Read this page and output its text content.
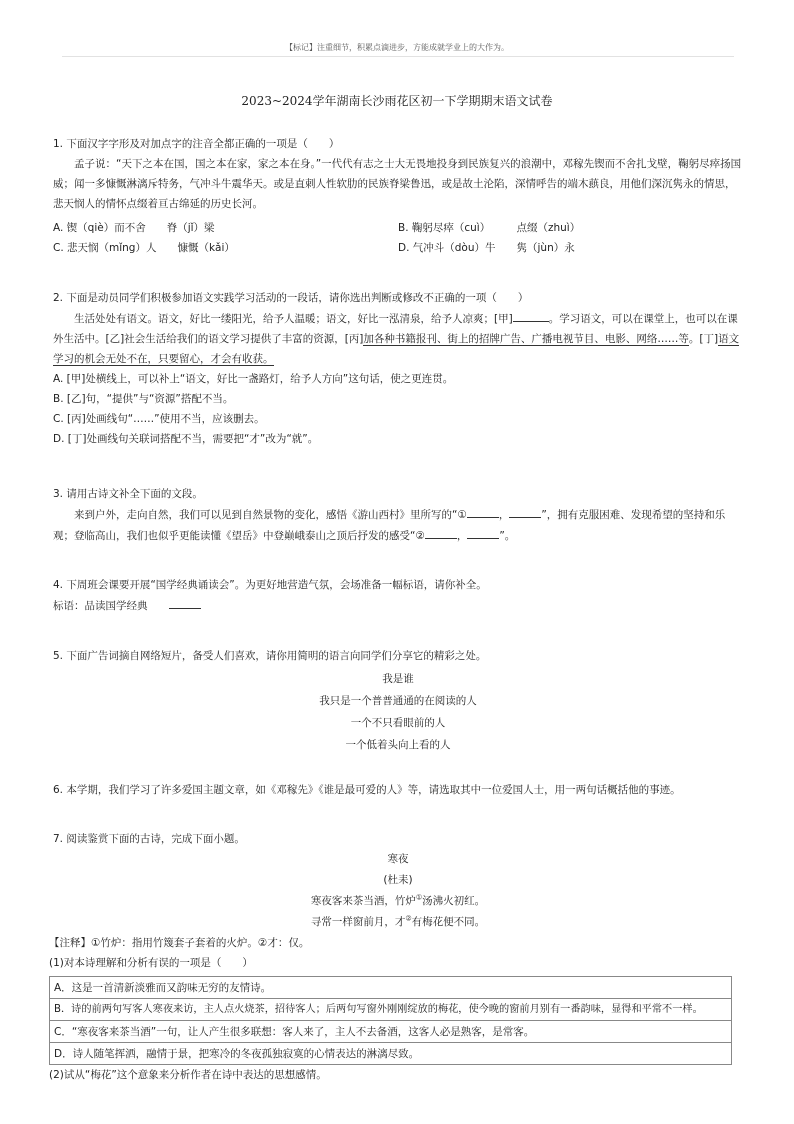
【标记】注重细节，积累点滴进步，方能成就学业上的大作为。
2023~2024学年湖南长沙雨花区初一下学期期末语文试卷

1. 下面汉字字形及对加点字的注音全都正确的一项是（　　）

孟子说：“天下之本在国，国之本在家，家之本在身。”一代代有志之士大无畏地投身到民族复兴的浪潮中，邓稼先锲而不舍扎戈壁，鞠躬尽瘁扬国威；闻一多慷慨淋漓斥特务，气冲斗牛震华天。或是直刺人性软肋的民族脊梁鲁迅，或是故土沦陷，深情呼告的端木蕻良，用他们深沉隽永的情思，悲天悯人的情怀点缀着亘古绵延的历史长河。

A. 锲（qiè）而不舍　　脊（jǐ）梁	B. 鞠躬尽瘁（cuì）　　　点缀（zhuì）
C. 悲天悯（mǐng）人　　慷慨（kǎi）	D. 气冲斗（dòu）牛　　隽（jùn）永

2. 下面是动员同学们积极参加语文实践学习活动的一段话，请你选出判断或修改不正确的一项（　　）

生活处处有语文。语文，好比一缕阳光，给予人温暖；语文，好比一泓清泉，给予人凉爽；[甲]	。学习语文，可以在课堂上，也可以在课外生活中。[乙]社会生活给我们的语文学习提供了丰富的资源，[丙]加各种书籍报刊、街上的招牌广告、广播电视节目、电影、网络……等。[丁]语文学习的机会无处不在，只要留心，才会有收获。

A. [甲]处横线上，可以补上“语文，好比一盏路灯，给予人方向”这句话，使之更连贯。

B. [乙]句，“提供”与“资源”搭配不当。

C. [丙]处画线句“……”使用不当，应该删去。

D. [丁]处画线句关联词搭配不当，需要把“才”改为“就”。

3. 请用古诗文补全下面的文段。

来到户外，走向自然，我们可以见到自然景物的变化，感悟《游山西村》里所写的“①	，	”，拥有克服困难、发现希望的坚持和乐观；登临高山，我们也似乎更能读懂《望岳》中登巅峨泰山之顶后抒发的感受“②	，	”。

4. 下周班会课要开展“国学经典诵读会”。为更好地营造气氛，会场准备一幅标语，请你补全。

标语：品读国学经典　　

5. 下面广告词摘自网络短片，备受人们喜欢，请你用简明的语言向同学们分享它的精彩之处。

我是谁

我只是一个普普通通的在阅读的人

一个不只看眼前的人

一个低着头向上看的人

6. 本学期，我们学习了许多爱国主题文章，如《邓稼先》《谁是最可爱的人》等，请选取其中一位爱国人士，用一两句话概括他的事迹。

7. 阅读鉴赏下面的古诗，完成下面小题。

寒夜

(杜耒)

寒夜客来茶当酒，竹炉①汤沸火初红。

寻常一样窗前月，才②有梅花便不同。

【注释】①竹炉：指用竹篾套子套着的火炉。②才：仅。

(1)对本诗理解和分析有误的一项是（　　）

A．这是一首清新淡雅而又韵味无穷的友情诗。
B．诗的前两句写客人寒夜来访，主人点火烧茶，招待客人；后两句写窗外刚刚绽放的梅花，使今晚的窗前月别有一番韵味，显得和平常不一样。
C．“寒夜客来茶当酒”一句，让人产生很多联想：客人来了，主人不去备酒，这客人必是熟客，是常客。
D．诗人随笔挥洒，融情于景，把寒冷的冬夜孤独寂寞的心情表达的淋漓尽致。

(2)试从“梅花”这个意象来分析作者在诗中表达的思想感情。
